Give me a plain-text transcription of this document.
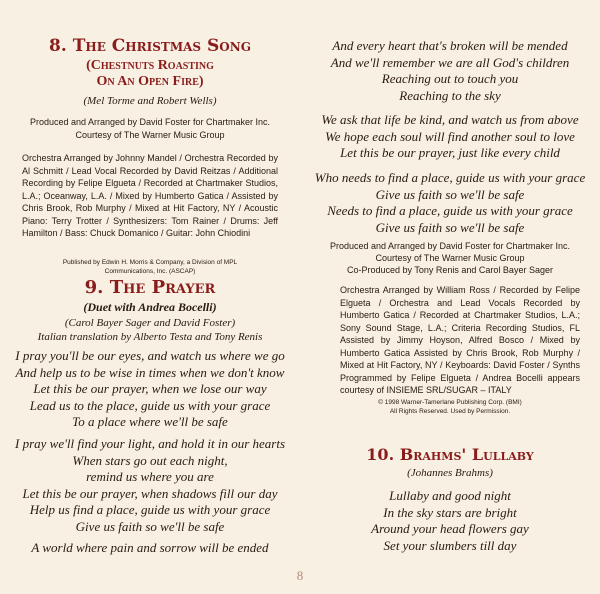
8. The Christmas Song

(Chestnuts Roasting

On An Open Fire)

(Mel Torme and Robert Wells)

Produced and Arranged by David Foster for Chartmaker Inc.

Courtesy of The Warner Music Group

Orchestra Arranged by Johnny Mandel / Orchestra Recorded by Al Schmitt / Lead Vocal Recorded by David Reitzas / Additional Recording by Felipe Elgueta / Recorded at Chartmaker Studios, L.A.; Oceanway, L.A. / Mixed by Humberto Gatica / Assisted by Chris Brook, Rob Murphy / Mixed at Hit Factory, NY / Acoustic Piano: Terry Trotter / Synthesizers: Tom Rainer / Drums: Jeff Hamilton / Bass: Chuck Domanico / Guitar: John Chiodini

Published by Edwin H. Morris & Company, a Division of MPL

Communications, Inc. (ASCAP)

9. The Prayer

(Duet with Andrea Bocelli)

(Carol Bayer Sager and David Foster)

Italian translation by Alberto Testa and Tony Renis

I pray you'll be our eyes, and watch us where we go
And help us to be wise in times when we don't know
Let this be our prayer, when we lose our way
Lead us to the place, guide us with your grace
To a place where we'll be safe
I pray we'll find your light, and hold it in our hearts
When stars go out each night,
remind us where you are
Let this be our prayer, when shadows fill our day
Help us find a place, guide us with your grace
Give us faith so we'll be safe
A world where pain and sorrow will be ended
And every heart that's broken will be mended
And we'll remember we are all God's children
Reaching out to touch you
Reaching to the sky
We ask that life be kind, and watch us from above
We hope each soul will find another soul to love
Let this be our prayer, just like every child
Who needs to find a place, guide us with your grace
Give us faith so we'll be safe
Needs to find a place, guide us with your grace
Give us faith so we'll be safe

Produced and Arranged by David Foster for Chartmaker Inc.

Courtesy of The Warner Music Group

Co-Produced by Tony Renis and Carol Bayer Sager

Orchestra Arranged by William Ross / Recorded by Felipe Elgueta / Orchestra and Lead Vocals Recorded by Humberto Gatica / Recorded at Chartmaker Studios, L.A.; Sony Sound Stage, L.A.; Criteria Recording Studios, FL Assisted by Jimmy Hoyson, Alfred Bosco / Mixed by Humberto Gatica Assisted by Chris Brook, Rob Murphy / Mixed at Hit Factory, NY / Keyboards: David Foster / Synths Programmed by Felipe Elgueta / Andrea Bocelli appears courtesy of INSIEME SRL/SUGAR – ITALY

© 1998 Warner-Tamerlane Publishing Corp. (BMI)

All Rights Reserved. Used by Permission.

10. Brahms' Lullaby

(Johannes Brahms)

Lullaby and good night
In the sky stars are bright
Around your head flowers gay
Set your slumbers till day
8
